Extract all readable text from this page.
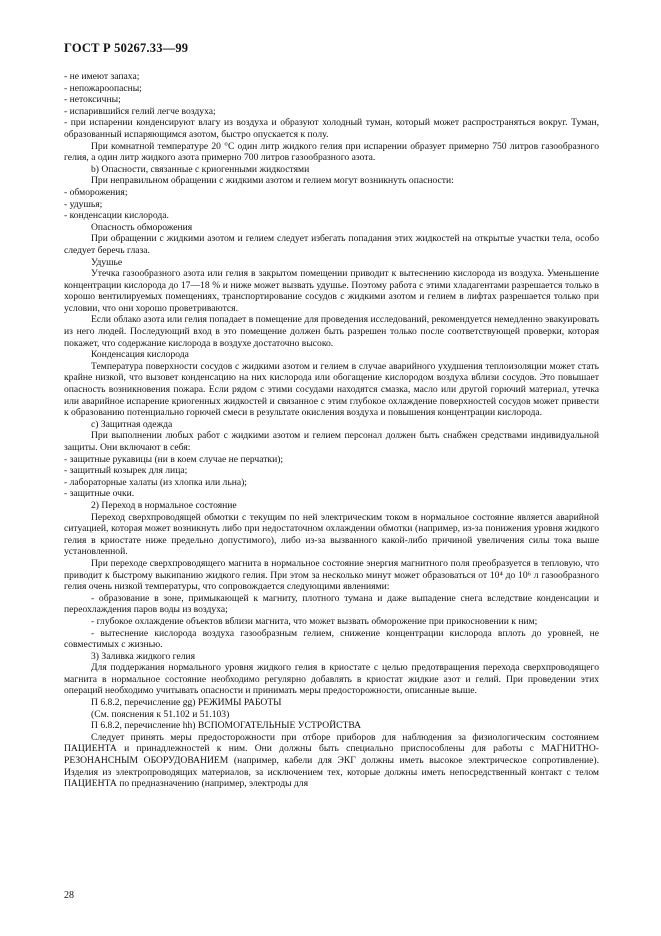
ГОСТ Р 50267.33—99

- не имеют запаха;

- непожароопасны;

- нетоксичны;

- испарившийся гелий легче воздуха;

- при испарении конденсируют влагу из воздуха и образуют холодный туман, который может распространяться вокруг. Туман, образованный испаряющимся азотом, быстро опускается к полу.

При комнатной температуре 20 °С один литр жидкого гелия при испарении образует примерно 750 литров газообразного гелия, а один литр жидкого азота примерно 700 литров газообразного азота.

b) Опасности, связанные с криогенными жидкостями

При неправильном обращении с жидкими азотом и гелием могут возникнуть опасности:

- обморожения;

- удушья;

- конденсации кислорода.

Опасность обморожения

При обращении с жидкими азотом и гелием следует избегать попадания этих жидкостей на открытые участки тела, особо следует беречь глаза.

Удушье

Утечка газообразного азота или гелия в закрытом помещении приводит к вытеснению кислорода из воздуха. Уменьшение концентрации кислорода до 17—18 % и ниже может вызвать удушье. Поэтому работа с этими хладагентами разрешается только в хорошо вентилируемых помещениях, транспортирование сосудов с жидкими азотом и гелием в лифтах разрешается только при условии, что они хорошо проветриваются.

Если облако азота или гелия попадает в помещение для проведения исследований, рекомендуется немедленно эвакуировать из него людей. Последующий вход в это помещение должен быть разрешен только после соответствующей проверки, которая покажет, что содержание кислорода в воздухе достаточно высоко.

Конденсация кислорода

Температура поверхности сосудов с жидкими азотом и гелием в случае аварийного ухудшения теплоизоляции может стать крайне низкой, что вызовет конденсацию на них кислорода или обогащение кислородом воздуха вблизи сосудов. Это повышает опасность возникновения пожара. Если рядом с этими сосудами находятся смазка, масло или другой горючий материал, утечка или аварийное испарение криогенных жидкостей и связанное с этим глубокое охлаждение поверхностей сосудов может привести к образованию потенциально горючей смеси в результате окисления воздуха и повышения концентрации кислорода.

c) Защитная одежда

При выполнении любых работ с жидкими азотом и гелием персонал должен быть снабжен средствами индивидуальной защиты. Они включают в себя:

- защитные рукавицы (ни в коем случае не перчатки);

- защитный козырек для лица;

- лабораторные халаты (из хлопка или льна);

- защитные очки.

2) Переход в нормальное состояние

Переход сверхпроводящей обмотки с текущим по ней электрическим током в нормальное состояние является аварийной ситуацией, которая может возникнуть либо при недостаточном охлаждении обмотки (например, из-за понижения уровня жидкого гелия в криостате ниже предельно допустимого), либо из-за вызванного какой-либо причиной увеличения силы тока выше установленной.

При переходе сверхпроводящего магнита в нормальное состояние энергия магнитного поля преобразуется в тепловую, что приводит к быстрому выкипанию жидкого гелия. При этом за несколько минут может образоваться от 10⁴ до 10⁶ л газообразного гелия очень низкой температуры, что сопровождается следующими явлениями:

- образование в зоне, примыкающей к магниту, плотного тумана и даже выпадение снега вследствие конденсации и переохлаждения паров воды из воздуха;

- глубокое охлаждение объектов вблизи магнита, что может вызвать обморожение при прикосновении к ним;

- вытеснение кислорода воздуха газообразным гелием, снижение концентрации кислорода вплоть до уровней, не совместимых с жизнью.

3) Заливка жидкого гелия

Для поддержания нормального уровня жидкого гелия в криостате с целью предотвращения перехода сверхпроводящего магнита в нормальное состояние необходимо регулярно добавлять в криостат жидкие азот и гелий. При проведении этих операций необходимо учитывать опасности и принимать меры предосторожности, описанные выше.

П 6.8.2, перечисление gg) РЕЖИМЫ РАБОТЫ

(См. пояснения к 51.102 и 51.103)

П 6.8.2, перечисление hh) ВСПОМОГАТЕЛЬНЫЕ УСТРОЙСТВА

Следует принять меры предосторожности при отборе приборов для наблюдения за физиологическим состоянием ПАЦИЕНТА и принадлежностей к ним. Они должны быть специально приспособлены для работы с МАГНИТНО-РЕЗОНАНСНЫМ ОБОРУДОВАНИЕМ (например, кабели для ЭКГ должны иметь высокое электрическое сопротивление). Изделия из электропроводящих материалов, за исключением тех, которые должны иметь непосредственный контакт с телом ПАЦИЕНТА по предназначению (например, электроды для

28
